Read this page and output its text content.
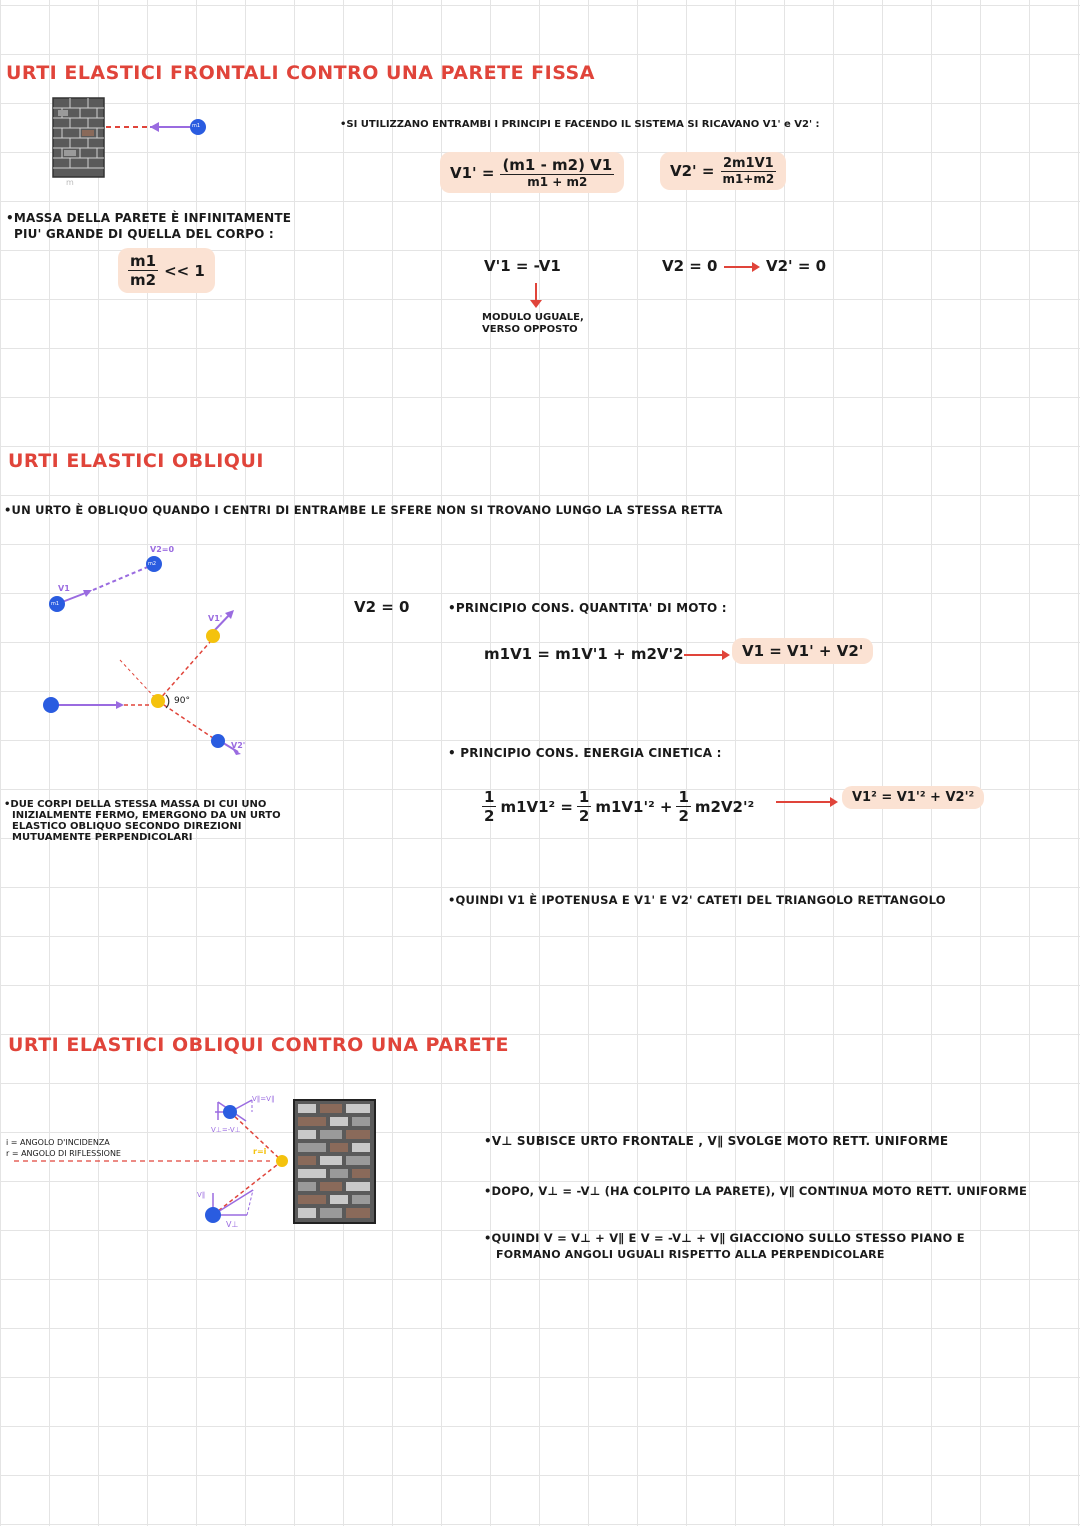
URTI ELASTICI FRONTALI CONTRO UNA PARETE FISSA
m1
m
•MASSA DELLA PARETE È INFINITAMENTE
PIU' GRANDE DI QUELLA DEL CORPO :
$\frac{m1}{m2} << 1$
•SI UTILIZZANO ENTRAMBI I PRINCIPI E FACENDO IL SISTEMA SI RICAVANO V1' e V2' :
$V1' = \frac{(m1 - m2) V1}{m1 + m2}$	$V2' = \frac{2m1V1}{m1+m2}$
V'1 = -V1
MODULO UGUALE,
VERSO OPPOSTO
V2 = 0	V2' = 0
URTI ELASTICI OBLIQUI
•UN URTO È OBLIQUO QUANDO I CENTRI DI ENTRAMBE LE SFERE NON SI TROVANO LUNGO LA STESSA RETTA
V2=0
m2
V1
m1
V1'
V2'
90°
V2 = 0	•PRINCIPIO CONS. QUANTITA' DI MOTO :
m1V1 = m1V'1 + m2V'2	V1 = V1' + V2'
• PRINCIPIO CONS. ENERGIA CINETICA :
$\frac{1}{2} m1V1^2 = \frac{1}{2} m1V1'^2 + \frac{1}{2} m2V2'^2$	V1² = V1'² + V2'²
•DUE CORPI DELLA STESSA MASSA DI CUI UNO
INIZIALMENTE FERMO, EMERGONO DA UN URTO
ELASTICO OBLIQUO SECONDO DIREZIONI
MUTUAMENTE PERPENDICOLARI
•QUINDI V1 È IPOTENUSA E V1' E V2' CATETI DEL TRIANGOLO RETTANGOLO
URTI ELASTICI OBLIQUI CONTRO UNA PARETE
i = ANGOLO D'INCIDENZA
r = ANGOLO DI RIFLESSIONE
V∥=V∥
V⊥=-V⊥
r=i
V∥
V⊥
•V⊥ SUBISCE URTO FRONTALE , V∥ SVOLGE MOTO RETT. UNIFORME
•DOPO, V⊥ = -V⊥ (HA COLPITO LA PARETE), V∥ CONTINUA MOTO RETT. UNIFORME
•QUINDI V = V⊥ + V∥ E V = -V⊥ + V∥ GIACCIONO SULLO STESSO PIANO E
FORMANO ANGOLI UGUALI RISPETTO ALLA PERPENDICOLARE
